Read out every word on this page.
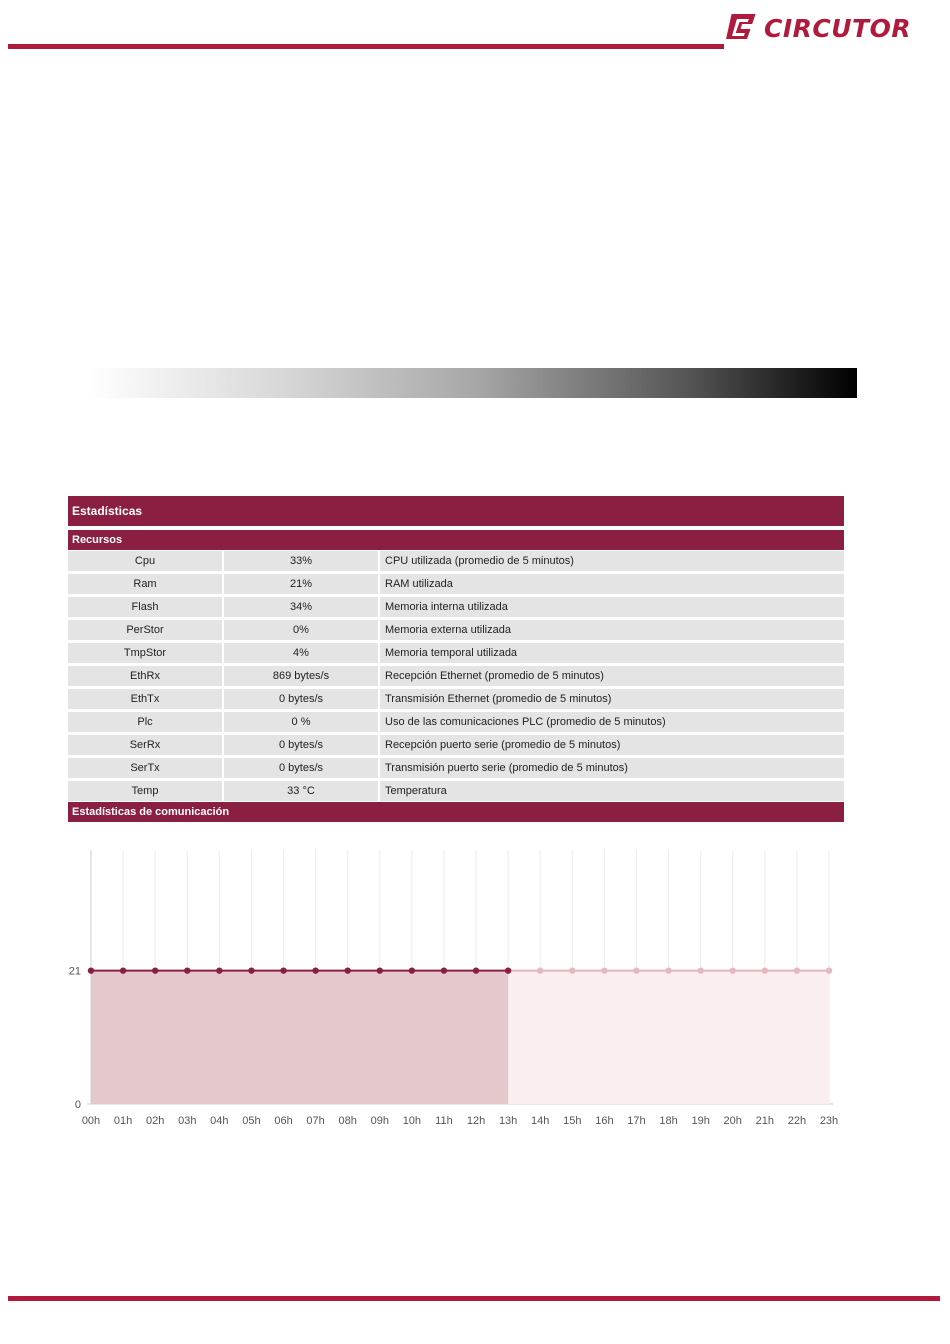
CIRCUTOR
Estadísticas
Recursos
Cpu	33%	CPU utilizada (promedio de 5 minutos)
Ram	21%	RAM utilizada
Flash	34%	Memoria interna utilizada
PerStor	0%	Memoria externa utilizada
TmpStor	4%	Memoria temporal utilizada
EthRx	869 bytes/s	Recepción Ethernet (promedio de 5 minutos)
EthTx	0 bytes/s	Transmisión Ethernet (promedio de 5 minutos)
Plc	0 %	Uso de las comunicaciones PLC (promedio de 5 minutos)
SerRx	0 bytes/s	Recepción puerto serie (promedio de 5 minutos)
SerTx	0 bytes/s	Transmisión puerto serie (promedio de 5 minutos)
Temp	33 °C	Temperatura
Estadísticas de comunicación
0
21
00h 01h 02h 03h 04h 05h 06h 07h 08h 09h 10h 11h 12h 13h 14h 15h 16h 17h 18h 19h 20h 21h 22h 23h
